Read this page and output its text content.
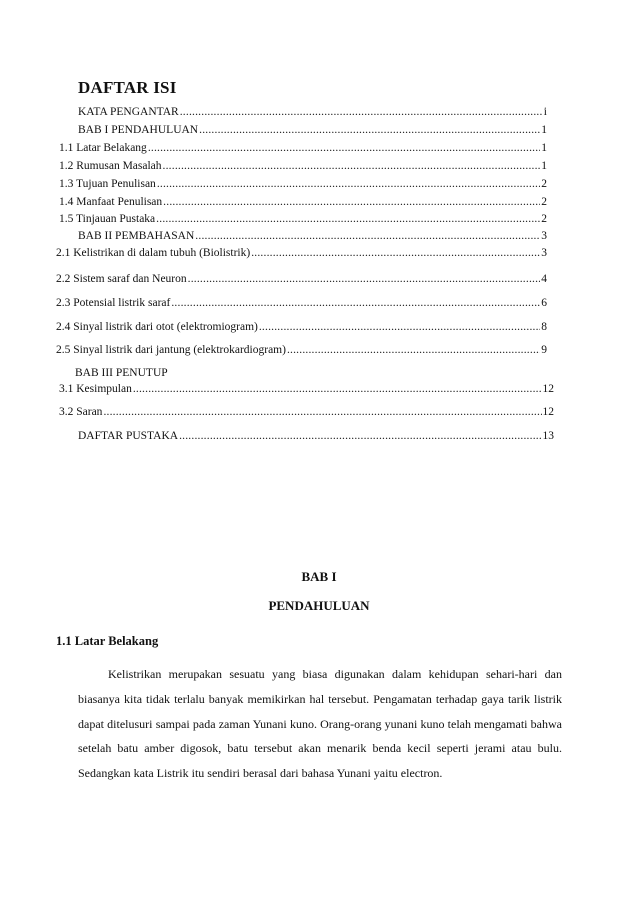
DAFTAR ISI
KATA PENGANTAR .....	i
BAB I PENDAHULUAN .....	1
1.1 Latar Belakang .....	1
1.2 Rumusan Masalah .....	1
1.3 Tujuan Penulisan .....	2
1.4 Manfaat Penulisan .....	2
1.5 Tinjauan Pustaka .....	2
BAB II PEMBAHASAN .....	3
2.1 Kelistrikan di dalam tubuh (Biolistrik) .....	3
2.2 Sistem saraf dan Neuron .....	4
2.3 Potensial listrik saraf .....	6
2.4 Sinyal listrik dari otot (elektromiogram) .....	8
2.5 Sinyal listrik dari jantung (elektrokardiogram) .....	9
BAB III PENUTUP
3.1 Kesimpulan .....	12
3.2 Saran .....	12
DAFTAR PUSTAKA .....	13
BAB I
PENDAHULUAN
1.1 Latar Belakang
Kelistrikan merupakan sesuatu yang biasa digunakan dalam kehidupan sehari-hari dan biasanya kita tidak terlalu banyak memikirkan hal tersebut. Pengamatan terhadap gaya tarik listrik dapat ditelusuri sampai pada zaman Yunani kuno. Orang-orang yunani kuno telah mengamati bahwa setelah batu amber digosok, batu tersebut akan menarik benda kecil seperti jerami atau bulu. Sedangkan kata Listrik itu sendiri berasal dari bahasa Yunani yaitu electron.
